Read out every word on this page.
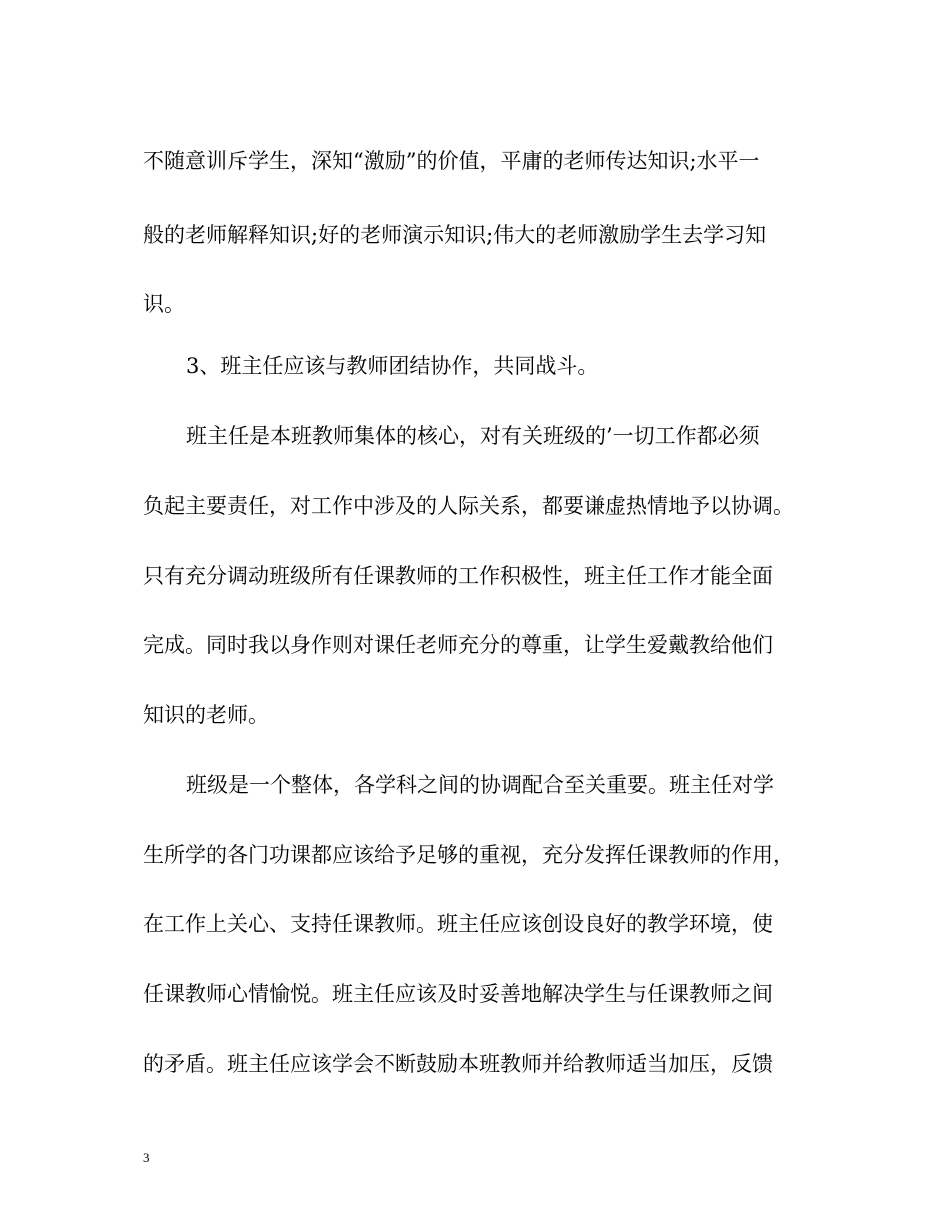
不随意训斥学生，深知“激励”的价值，平庸的老师传达知识;水平一
般的老师解释知识;好的老师演示知识;伟大的老师激励学生去学习知
识。
3、班主任应该与教师团结协作，共同战斗。
班主任是本班教师集体的核心，对有关班级的’一切工作都必须
负起主要责任，对工作中涉及的人际关系，都要谦虚热情地予以协调。
只有充分调动班级所有任课教师的工作积极性，班主任工作才能全面
完成。同时我以身作则对课任老师充分的尊重，让学生爱戴教给他们
知识的老师。
班级是一个整体，各学科之间的协调配合至关重要。班主任对学
生所学的各门功课都应该给予足够的重视，充分发挥任课教师的作用，
在工作上关心、支持任课教师。班主任应该创设良好的教学环境，使
任课教师心情愉悦。班主任应该及时妥善地解决学生与任课教师之间
的矛盾。班主任应该学会不断鼓励本班教师并给教师适当加压，反馈
3
